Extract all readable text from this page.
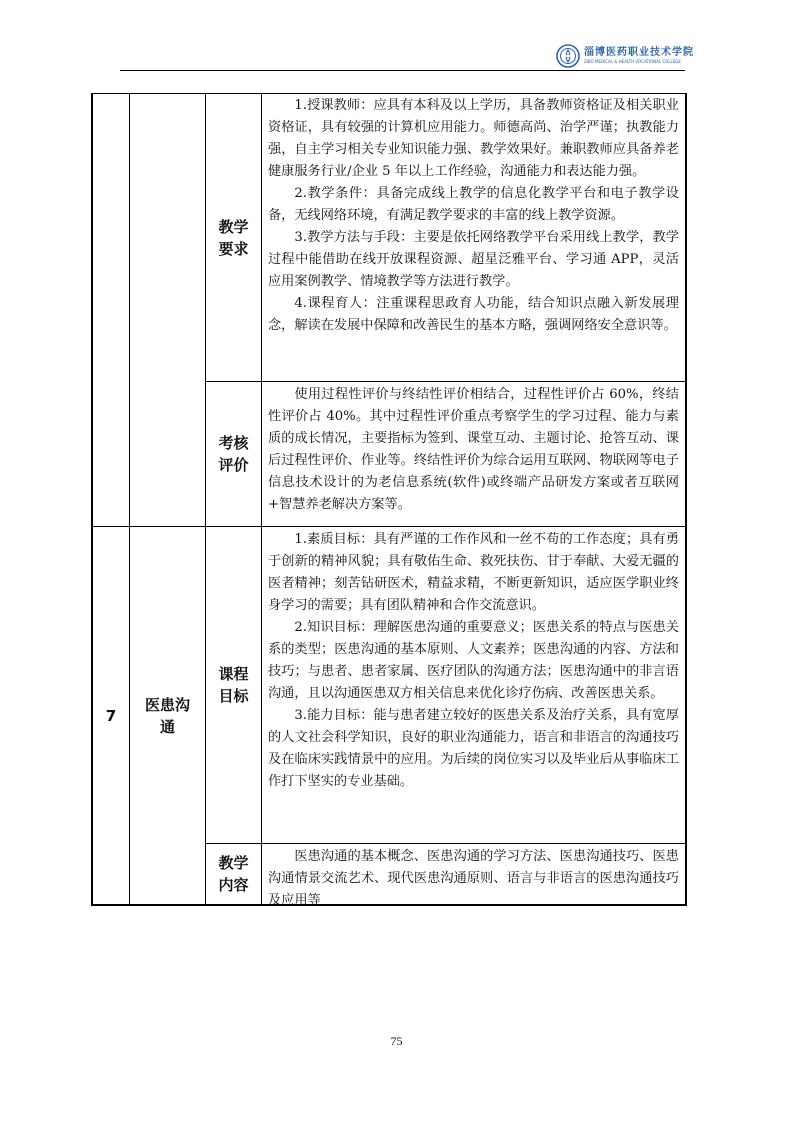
淄博医药职业技术学院
ZIBO MEDICAL & HEALTH VOCATIONAL COLLEGE
教学
要求

1.授课教师：应具有本科及以上学历，具备教师资格证及相关职业资格证，具有较强的计算机应用能力。师德高尚、治学严谨；执教能力强，自主学习相关专业知识能力强、教学效果好。兼职教师应具备养老健康服务行业/企业 5 年以上工作经验，沟通能力和表达能力强。

2.教学条件：具备完成线上教学的信息化教学平台和电子教学设备，无线网络环境，有满足教学要求的丰富的线上教学资源。

3.教学方法与手段：主要是依托网络教学平台采用线上教学，教学过程中能借助在线开放课程资源、超星泛雅平台、学习通 APP，灵活应用案例教学、情境教学等方法进行教学。

4.课程育人：注重课程思政育人功能，结合知识点融入新发展理念，解读在发展中保障和改善民生的基本方略，强调网络安全意识等。

考核
评价

使用过程性评价与终结性评价相结合，过程性评价占 60%，终结性评价占 40%。其中过程性评价重点考察学生的学习过程、能力与素质的成长情况，主要指标为签到、课堂互动、主题讨论、抢答互动、课后过程性评价、作业等。终结性评价为综合运用互联网、物联网等电子信息技术设计的为老信息系统(软件)或终端产品研发方案或者互联网+智慧养老解决方案等。

7
医患沟
通
课程
目标

1.素质目标：具有严谨的工作作风和一丝不苟的工作态度；具有勇于创新的精神风貌；具有敬佑生命、救死扶伤、甘于奉献、大爱无疆的医者精神；刻苦钻研医术，精益求精，不断更新知识，适应医学职业终身学习的需要；具有团队精神和合作交流意识。

2.知识目标：理解医患沟通的重要意义；医患关系的特点与医患关系的类型；医患沟通的基本原则、人文素养；医患沟通的内容、方法和技巧；与患者、患者家属、医疗团队的沟通方法；医患沟通中的非言语沟通，且以沟通医患双方相关信息来优化诊疗伤病、改善医患关系。

3.能力目标：能与患者建立较好的医患关系及治疗关系，具有宽厚的人文社会科学知识，良好的职业沟通能力，语言和非语言的沟通技巧及在临床实践情景中的应用。为后续的岗位实习以及毕业后从事临床工作打下坚实的专业基础。

教学
内容

医患沟通的基本概念、医患沟通的学习方法、医患沟通技巧、医患沟通情景交流艺术、现代医患沟通原则、语言与非语言的医患沟通技巧及应用等

75
